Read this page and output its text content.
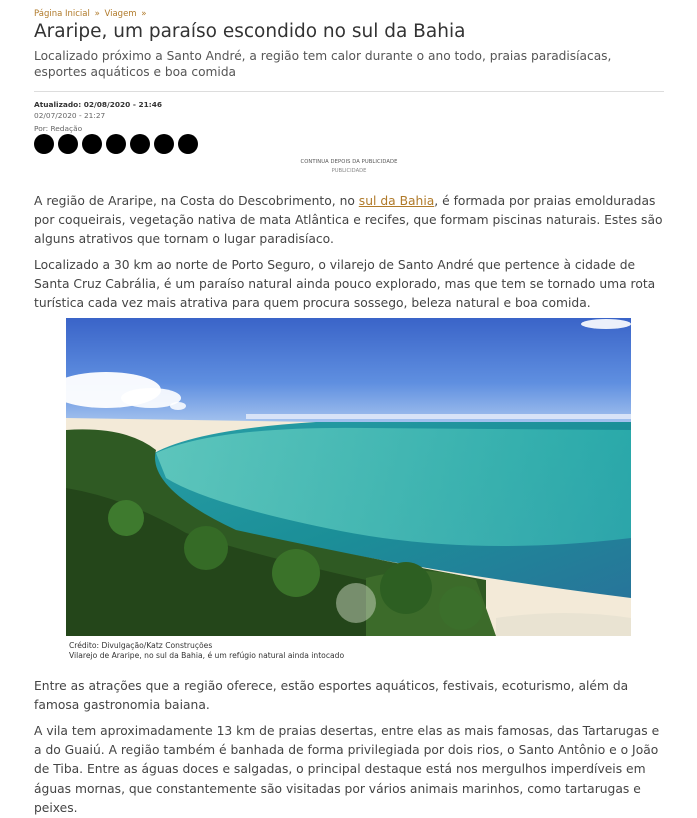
Página Inicial » Viagem »
Araripe, um paraíso escondido no sul da Bahia

Localizado próximo a Santo André, a região tem calor durante o ano todo, praias paradisíacas, esportes aquáticos e boa comida

Atualizado: 02/08/2020 - 21:46
02/07/2020 - 21:27
Por: Redação
CONTINUA DEPOIS DA PUBLICIDADE
PUBLICIDADE

A região de Araripe, na Costa do Descobrimento, no sul da Bahia, é formada por praias emolduradas por coqueirais, vegetação nativa de mata Atlântica e recifes, que formam piscinas naturais. Estes são alguns atrativos que tornam o lugar paradisíaco.

Localizado a 30 km ao norte de Porto Seguro, o vilarejo de Santo André que pertence à cidade de Santa Cruz Cabrália, é um paraíso natural ainda pouco explorado, mas que tem se tornado uma rota turística cada vez mais atrativa para quem procura sossego, beleza natural e boa comida.

Crédito: Divulgação/Katz Construções
Vilarejo de Araripe, no sul da Bahia, é um refúgio natural ainda intocado

Entre as atrações que a região oferece, estão esportes aquáticos, festivais, ecoturismo, além da famosa gastronomia baiana.

A vila tem aproximadamente 13 km de praias desertas, entre elas as mais famosas, das Tartarugas e a do Guaiú. A região também é banhada de forma privilegiada por dois rios, o Santo Antônio e o João de Tiba. Entre as águas doces e salgadas, o principal destaque está nos mergulhos imperdíveis em águas mornas, que constantemente são visitadas por vários animais marinhos, como tartarugas e peixes.
